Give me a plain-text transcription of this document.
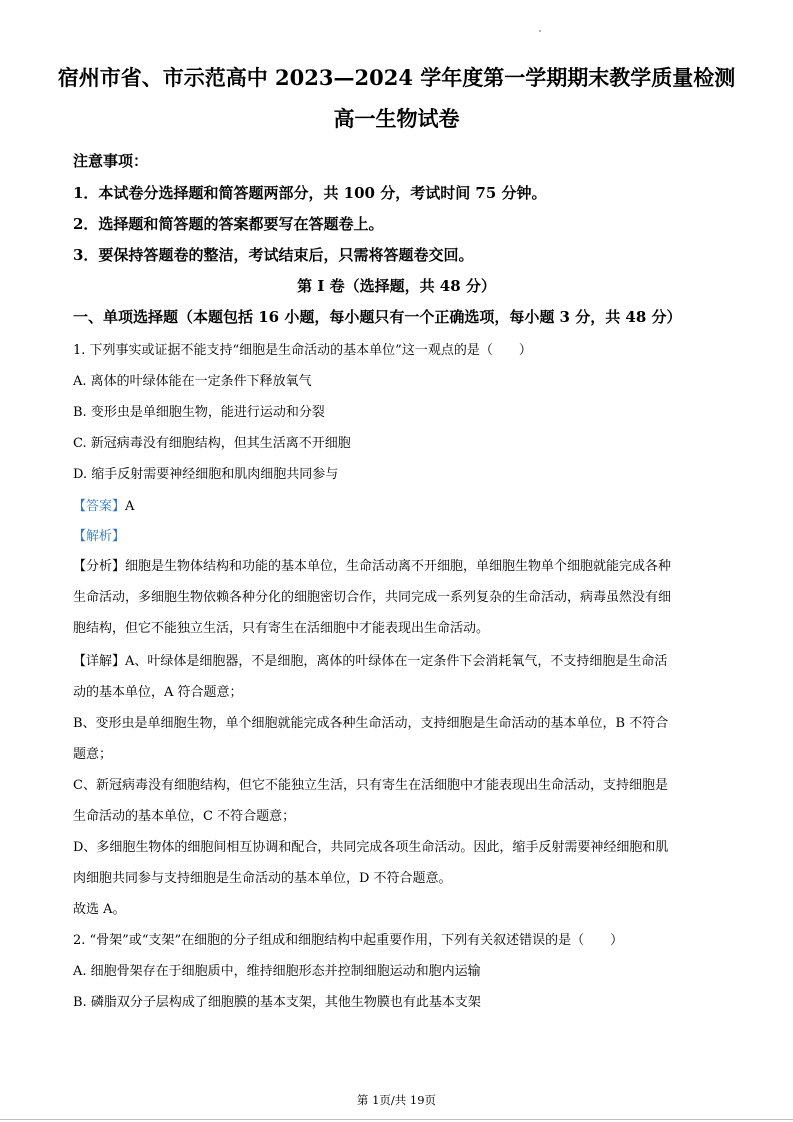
宿州市省、市示范高中 2023—2024 学年度第一学期期末教学质量检测
高一生物试卷
注意事项：
1．本试卷分选择题和简答题两部分，共 100 分，考试时间 75 分钟。
2．选择题和简答题的答案都要写在答题卷上。
3．要保持答题卷的整洁，考试结束后，只需将答题卷交回。
第 I 卷（选择题，共 48 分）
一、单项选择题（本题包括 16 小题，每小题只有一个正确选项，每小题 3 分，共 48 分）
1. 下列事实或证据不能支持“细胞是生命活动的基本单位”这一观点的是（　　）
A. 离体的叶绿体能在一定条件下释放氧气
B. 变形虫是单细胞生物，能进行运动和分裂
C. 新冠病毒没有细胞结构，但其生活离不开细胞
D. 缩手反射需要神经细胞和肌肉细胞共同参与
【答案】A
【解析】
【分析】细胞是生物体结构和功能的基本单位，生命活动离不开细胞，单细胞生物单个细胞就能完成各种
生命活动，多细胞生物依赖各种分化的细胞密切合作，共同完成一系列复杂的生命活动，病毒虽然没有细
胞结构，但它不能独立生活，只有寄生在活细胞中才能表现出生命活动。
【详解】A、叶绿体是细胞器，不是细胞，离体的叶绿体在一定条件下会消耗氧气，不支持细胞是生命活
动的基本单位，A 符合题意；
B、变形虫是单细胞生物，单个细胞就能完成各种生命活动，支持细胞是生命活动的基本单位，B 不符合
题意；
C、新冠病毒没有细胞结构，但它不能独立生活，只有寄生在活细胞中才能表现出生命活动，支持细胞是
生命活动的基本单位，C 不符合题意；
D、多细胞生物体的细胞间相互协调和配合，共同完成各项生命活动。因此，缩手反射需要神经细胞和肌
肉细胞共同参与支持细胞是生命活动的基本单位，D 不符合题意。
故选 A。
2. “骨架”或“支架”在细胞的分子组成和细胞结构中起重要作用，下列有关叙述错误的是（　　）
A. 细胞骨架存在于细胞质中，维持细胞形态并控制细胞运动和胞内运输
B. 磷脂双分子层构成了细胞膜的基本支架，其他生物膜也有此基本支架
第 1页/共 19页
